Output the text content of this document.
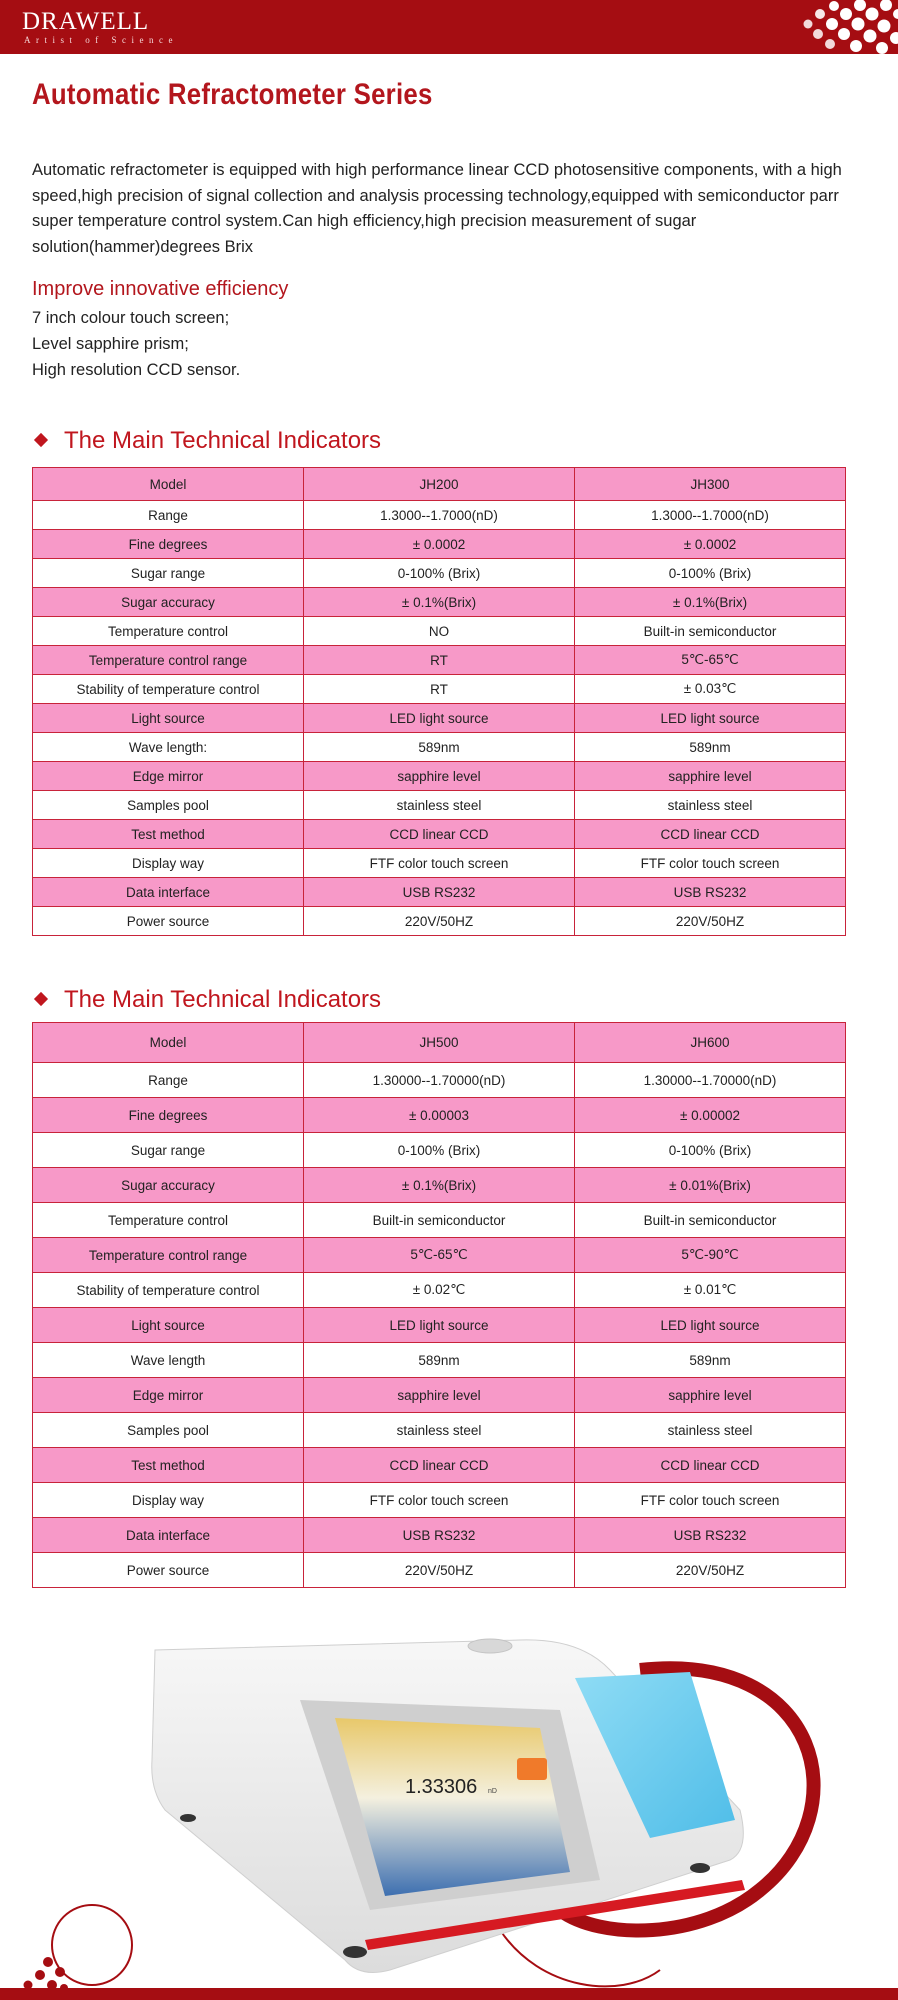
DRAWELL
Artist of Science
Automatic Refractometer Series

Automatic refractometer is equipped with high performance linear CCD photosensitive components, with a high speed,high precision of signal collection and analysis processing technology,equipped with semiconductor parr super temperature control system.Can high efficiency,high precision measurement of sugar solution(hammer)degrees Brix

Improve innovative efficiency
7 inch colour touch screen;
Level sapphire prism;
High resolution CCD sensor.
The Main Technical Indicators
Model	JH200	JH300
Range	1.3000--1.7000(nD)	1.3000--1.7000(nD)
Fine degrees	± 0.0002	± 0.0002
Sugar range	0-100% (Brix)	0-100% (Brix)
Sugar accuracy	± 0.1%(Brix)	± 0.1%(Brix)
Temperature control	NO	Built-in semiconductor
Temperature control range	RT	5℃-65℃
Stability of temperature control	RT	± 0.03℃
Light source	LED light source	LED light source
Wave length:	589nm	589nm
Edge mirror	sapphire level	sapphire level
Samples pool	stainless steel	stainless steel
Test method	CCD linear CCD	CCD linear CCD
Display way	FTF color touch screen	FTF color touch screen
Data interface	USB RS232	USB RS232
Power source	220V/50HZ	220V/50HZ
The Main Technical Indicators
Model	JH500	JH600
Range	1.30000--1.70000(nD)	1.30000--1.70000(nD)
Fine degrees	± 0.00003	± 0.00002
Sugar range	0-100% (Brix)	0-100% (Brix)
Sugar accuracy	± 0.1%(Brix)	± 0.01%(Brix)
Temperature control	Built-in semiconductor	Built-in semiconductor
Temperature control range	5℃-65℃	5℃-90℃
Stability of temperature control	± 0.02℃	± 0.01℃
Light source	LED light source	LED light source
Wave length	589nm	589nm
Edge mirror	sapphire level	sapphire level
Samples pool	stainless steel	stainless steel
Test method	CCD linear CCD	CCD linear CCD
Display way	FTF color touch screen	FTF color touch screen
Data interface	USB RS232	USB RS232
Power source	220V/50HZ	220V/50HZ
1.33306 nD
